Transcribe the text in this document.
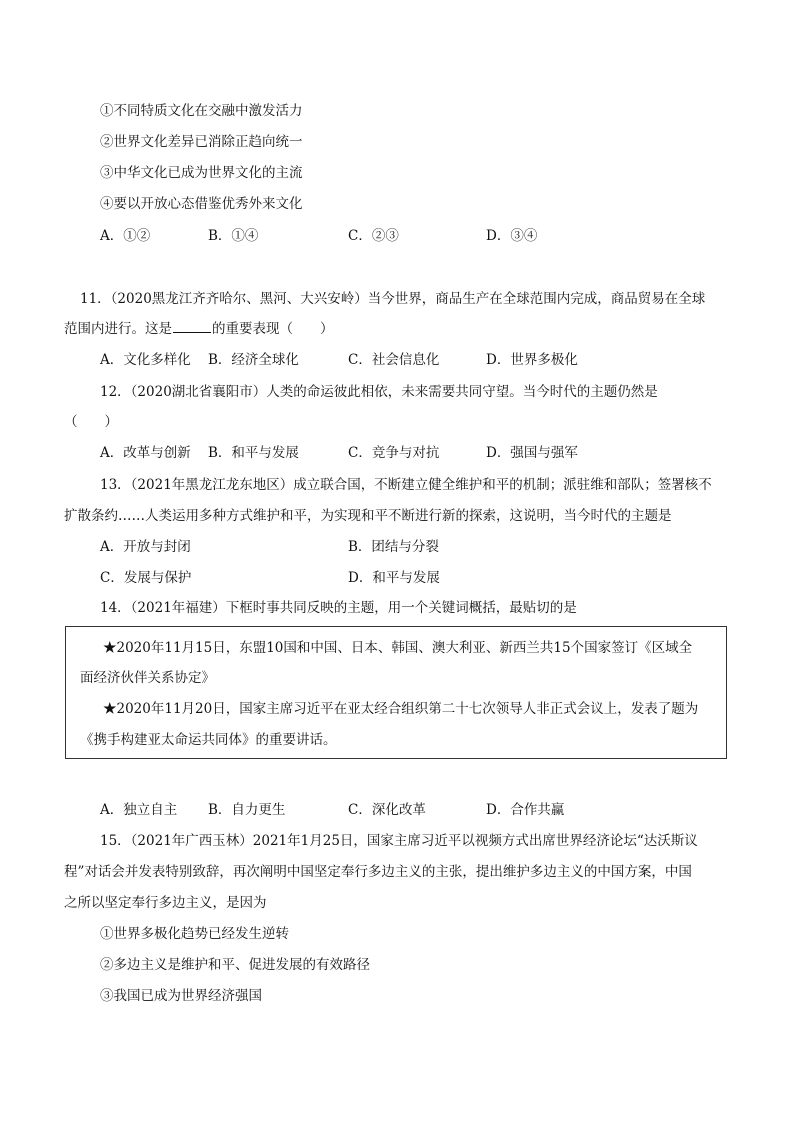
①不同特质文化在交融中激发活力
②世界文化差异已消除正趋向统一
③中华文化已成为世界文化的主流
④要以开放心态借鉴优秀外来文化
A．①②	B．①④	C．②③	D．③④
11．（2020黑龙江齐齐哈尔、黑河、大兴安岭）当今世界，商品生产在全球范围内完成，商品贸易在全球
范围内进行。这是	的重要表现（　　）
A．文化多样化 B．经济全球化	C．社会信息化	D．世界多极化
12．（2020湖北省襄阳市）人类的命运彼此相依，未来需要共同守望。当今时代的主题仍然是
（　　）
A．改革与创新 B．和平与发展	C．竞争与对抗	D．强国与强军
13．（2021年黑龙江龙东地区）成立联合国，不断建立健全维护和平的机制；派驻维和部队；签署核不
扩散条约……人类运用多种方式维护和平，为实现和平不断进行新的探索，这说明，当今时代的主题是
A．开放与封闭	B．团结与分裂
C．发展与保护	D．和平与发展
14．（2021年福建）下框时事共同反映的主题，用一个关键词概括，最贴切的是
★2020年11月15日，东盟10国和中国、日本、韩国、澳大利亚、新西兰共15个国家签订《区域全
面经济伙伴关系协定》
★2020年11月20日，国家主席习近平在亚太经合组织第二十七次领导人非正式会议上，发表了题为
《携手构建亚太命运共同体》的重要讲话。
A．独立自主 B．自力更生	C．深化改革	D．合作共赢
15．（2021年广西玉林）2021年1月25日，国家主席习近平以视频方式出席世界经济论坛“达沃斯议
程”对话会并发表特别致辞，再次阐明中国坚定奉行多边主义的主张，提出维护多边主义的中国方案，中国
之所以坚定奉行多边主义，是因为
①世界多极化趋势已经发生逆转
②多边主义是维护和平、促进发展的有效路径
③我国已成为世界经济强国
